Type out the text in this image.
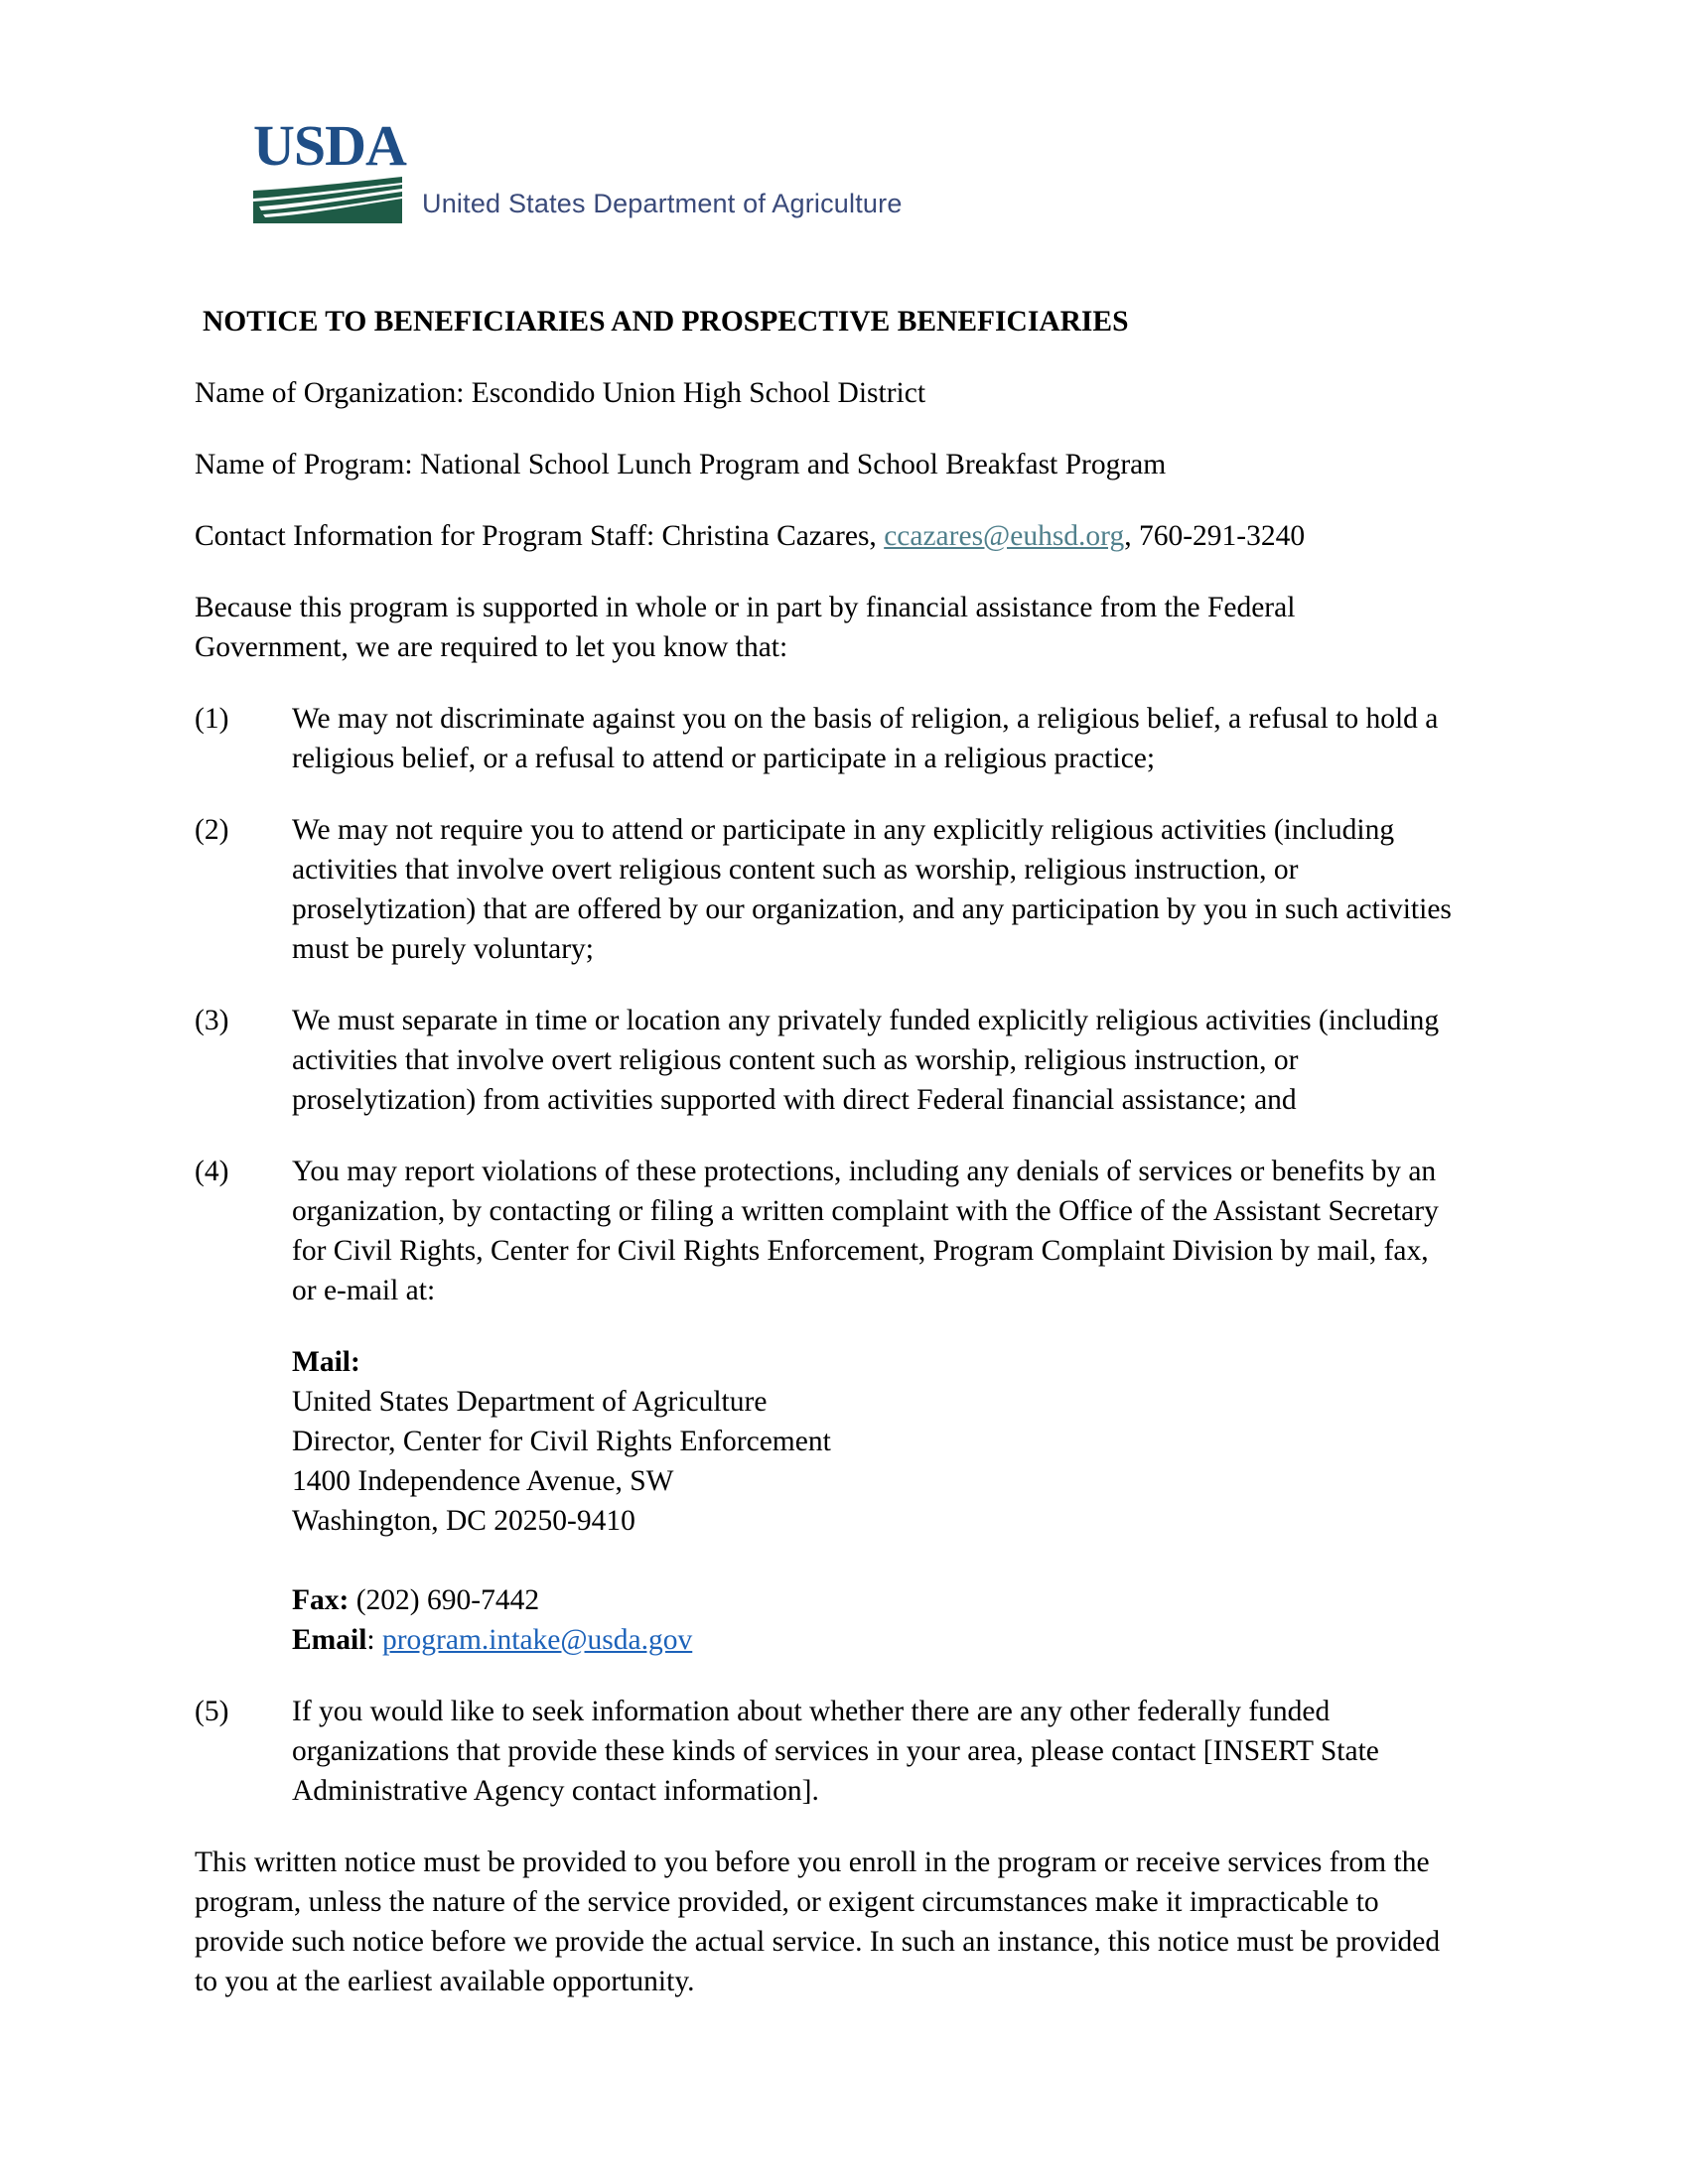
USDA
United States Department of Agriculture
NOTICE TO BENEFICIARIES AND PROSPECTIVE BENEFICIARIES

Name of Organization: Escondido Union High School District

Name of Program: National School Lunch Program and School Breakfast Program

Contact Information for Program Staff: Christina Cazares, ccazares@euhsd.org, 760-291-3240

Because this program is supported in whole or in part by financial assistance from the Federal Government, we are required to let you know that:

(1)	We may not discriminate against you on the basis of religion, a religious belief, a refusal to hold a religious belief, or a refusal to attend or participate in a religious practice;
(2)	We may not require you to attend or participate in any explicitly religious activities (including activities that involve overt religious content such as worship, religious instruction, or proselytization) that are offered by our organization, and any participation by you in such activities must be purely voluntary;
(3)	We must separate in time or location any privately funded explicitly religious activities (including activities that involve overt religious content such as worship, religious instruction, or proselytization) from activities supported with direct Federal financial assistance; and
(4)	You may report violations of these protections, including any denials of services or benefits by an organization, by contacting or filing a written complaint with the Office of the Assistant Secretary for Civil Rights, Center for Civil Rights Enforcement, Program Complaint Division by mail, fax, or e-mail at:
Mail:
United States Department of Agriculture
Director, Center for Civil Rights Enforcement
1400 Independence Avenue, SW
Washington, DC 20250-9410

Fax: (202) 690-7442
Email: program.intake@usda.gov
(5)	If you would like to seek information about whether there are any other federally funded organizations that provide these kinds of services in your area, please contact [INSERT State Administrative Agency contact information].

This written notice must be provided to you before you enroll in the program or receive services from the program, unless the nature of the service provided, or exigent circumstances make it impracticable to provide such notice before we provide the actual service. In such an instance, this notice must be provided to you at the earliest available opportunity.
